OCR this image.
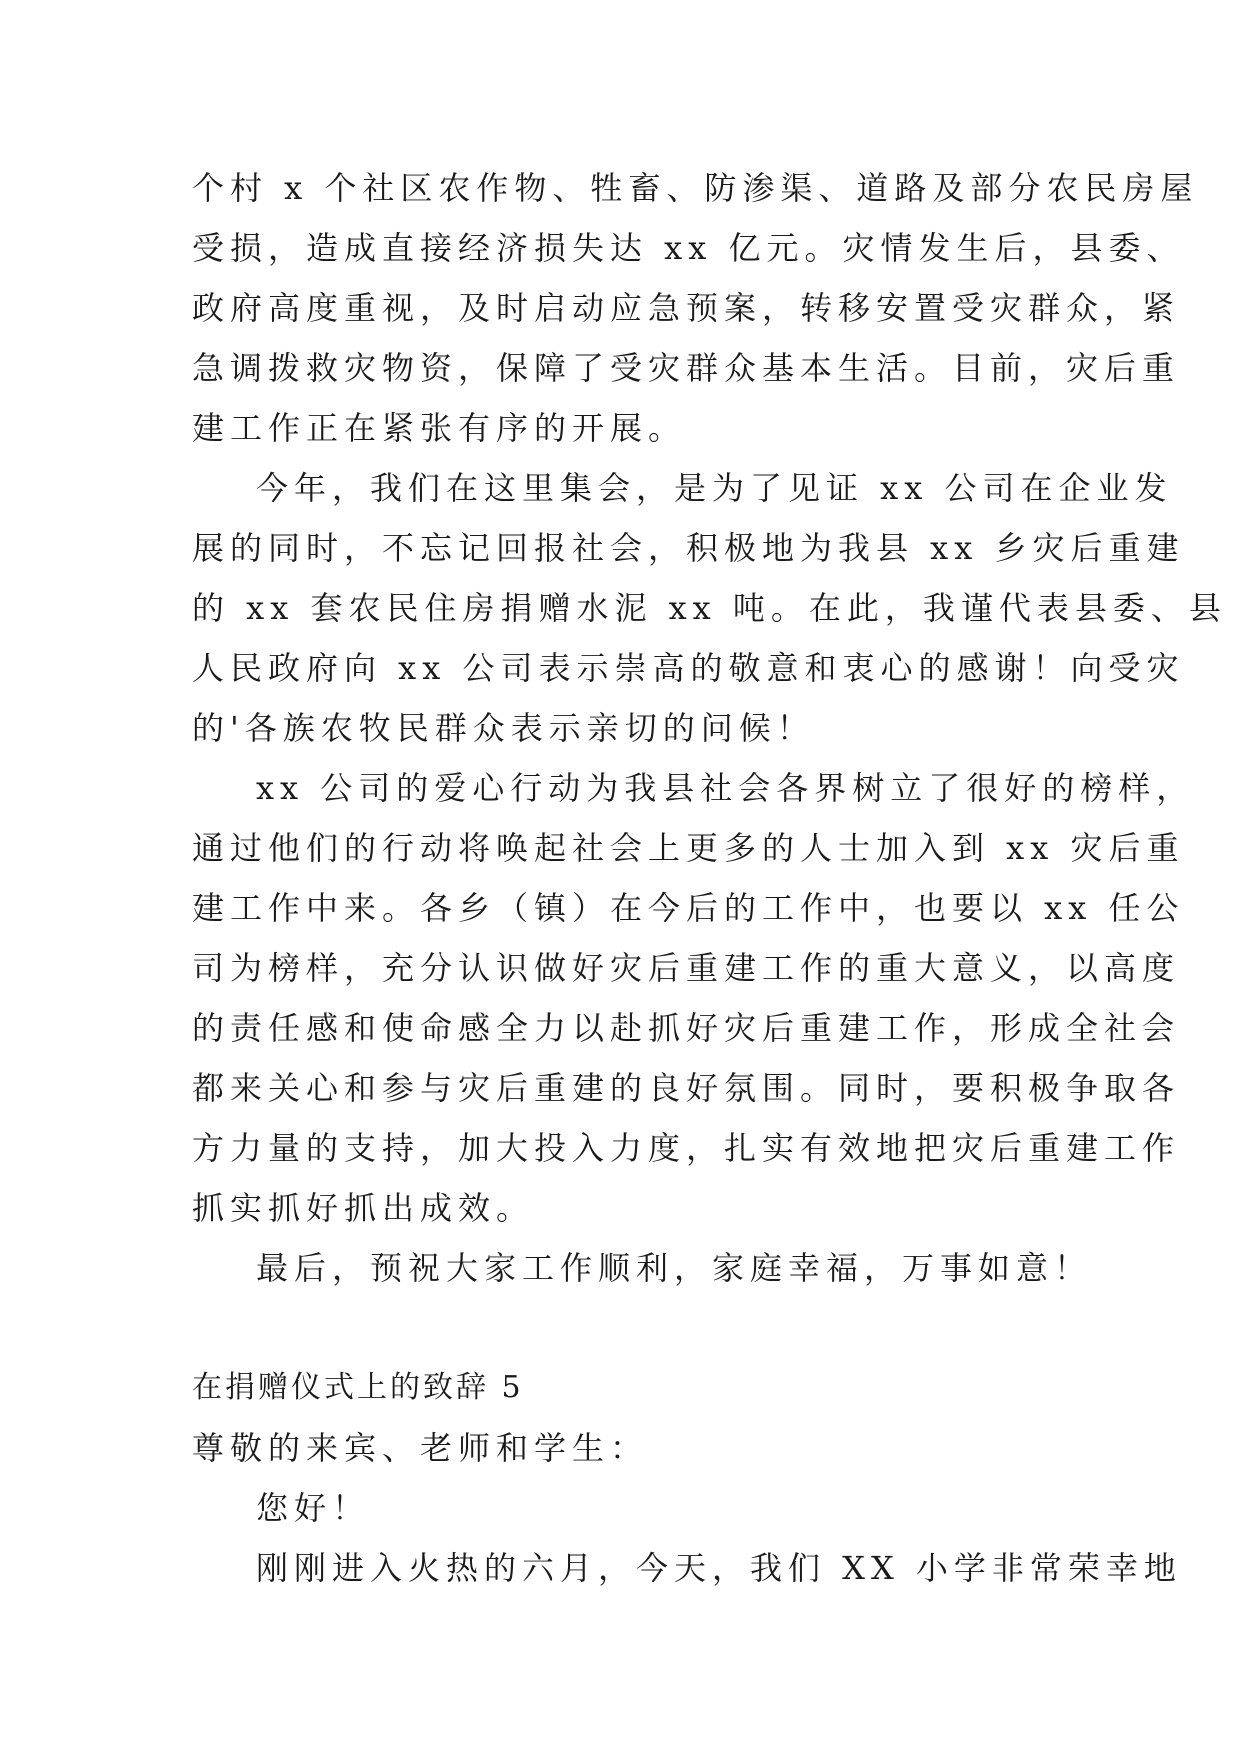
个村 x 个社区农作物、牲畜、防渗渠、道路及部分农民房屋
受损，造成直接经济损失达 xx 亿元。灾情发生后，县委、
政府高度重视，及时启动应急预案，转移安置受灾群众，紧
急调拨救灾物资，保障了受灾群众基本生活。目前，灾后重
建工作正在紧张有序的开展。
今年，我们在这里集会，是为了见证 xx 公司在企业发
展的同时，不忘记回报社会，积极地为我县 xx 乡灾后重建
的 xx 套农民住房捐赠水泥 xx 吨。在此，我谨代表县委、县
人民政府向 xx 公司表示崇高的敬意和衷心的感谢！向受灾
的'各族农牧民群众表示亲切的问候！
xx 公司的爱心行动为我县社会各界树立了很好的榜样，
通过他们的行动将唤起社会上更多的人士加入到 xx 灾后重
建工作中来。各乡（镇）在今后的工作中，也要以 xx 任公
司为榜样，充分认识做好灾后重建工作的重大意义，以高度
的责任感和使命感全力以赴抓好灾后重建工作，形成全社会
都来关心和参与灾后重建的良好氛围。同时，要积极争取各
方力量的支持，加大投入力度，扎实有效地把灾后重建工作
抓实抓好抓出成效。
最后，预祝大家工作顺利，家庭幸福，万事如意！
在捐赠仪式上的致辞 5
尊敬的来宾、老师和学生：
您好！
刚刚进入火热的六月，今天，我们 XX 小学非常荣幸地
